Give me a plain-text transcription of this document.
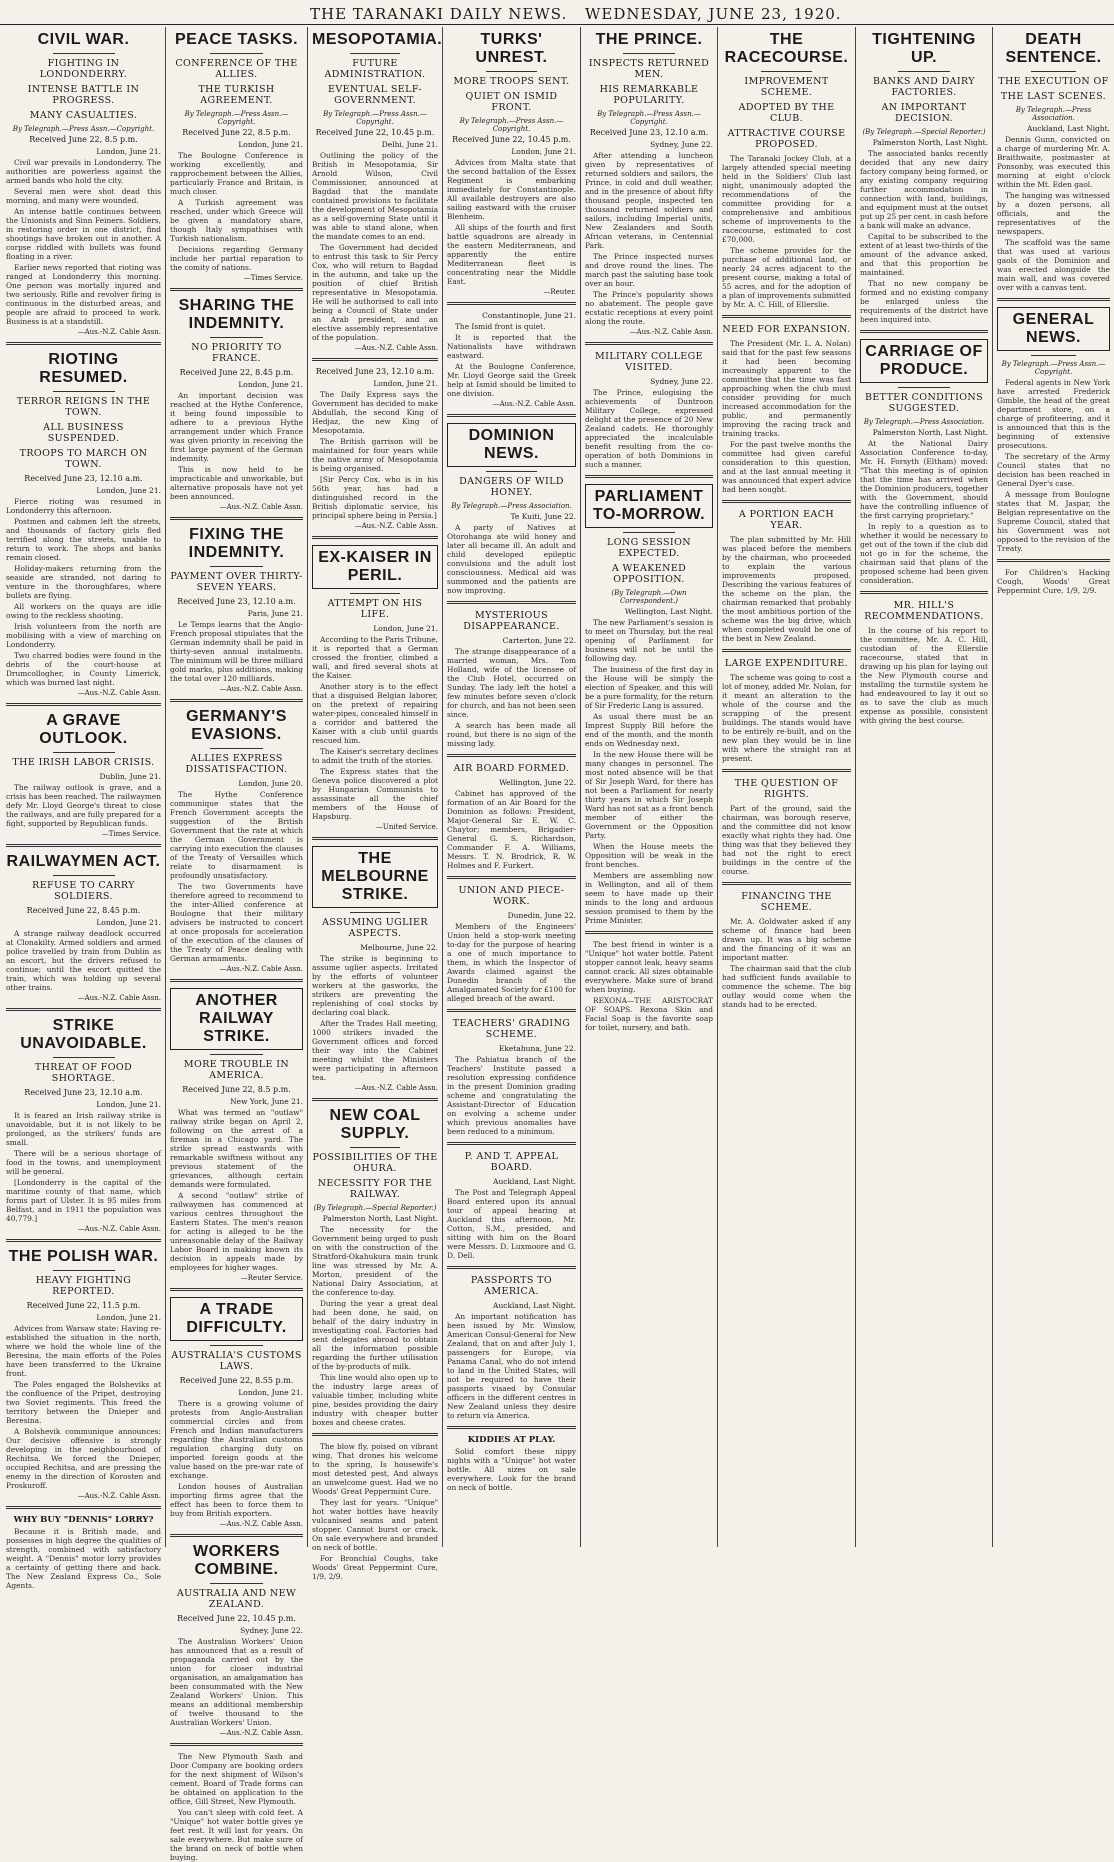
THE TARANAKI DAILY NEWS. WEDNESDAY, JUNE 23, 1920.
CIVIL WAR.
FIGHTING IN LONDONDERRY.
INTENSE BATTLE IN PROGRESS.
MANY CASUALTIES.
By Telegraph.—Press Assn.—Copyright.
Received June 22, 8.5 p.m.
London, June 21.

Civil war prevails in Londonderry. The authorities are powerless against the armed bands who hold the city.

Several men were shot dead this morning, and many were wounded.

An intense battle continues between the Unionists and Sinn Feiners. Soldiers, in restoring order in one district, find shootings have broken out in another. A corpse riddled with bullets was found floating in a river.

Earlier news reported that rioting was ranged at Londonderry this morning. One person was mortally injured and two seriously. Rifle and revolver firing is continuous in the disturbed areas, and people are afraid to proceed to work. Business is at a standstill.

—Aus.-N.Z. Cable Assn.
RIOTING RESUMED.
TERROR REIGNS IN THE TOWN.
ALL BUSINESS SUSPENDED.
TROOPS TO MARCH ON TOWN.
Received June 23, 12.10 a.m.
London, June 21.

Fierce rioting was resumed in Londonderry this afternoon.

Postmen and cabmen left the streets, and thousands of factory girls fled terrified along the streets, unable to return to work. The shops and banks remain closed.

Holiday-makers returning from the seaside are stranded, not daring to venture in the thoroughfares, where bullets are flying.

All workers on the quays are idle owing to the reckless shooting.

Irish volunteers from the north are mobilising with a view of marching on Londonderry.

Two charred bodies were found in the debris of the court-house at Drumcollogher, in County Limerick, which was burned last night.

—Aus.-N.Z. Cable Assn.
A GRAVE OUTLOOK.
THE IRISH LABOR CRISIS.
Dublin, June 21.

The railway outlook is grave, and a crisis has been reached. The railwaymen defy Mr. Lloyd George's threat to close the railways, and are fully prepared for a fight, supported by Republican funds.

—Times Service.
RAILWAYMEN ACT.
REFUSE TO CARRY SOLDIERS.
Received June 22, 8.45 p.m.
London, June 21.

A strange railway deadlock occurred at Clonakilty. Armed soldiers and armed police travelled by train from Dublin as an escort, but the drivers refused to continue; until the escort quitted the train, which was holding up several other trains.

—Aus.-N.Z. Cable Assn.
STRIKE UNAVOIDABLE.
THREAT OF FOOD SHORTAGE.
Received June 23, 12.10 a.m.
London, June 21.

It is feared an Irish railway strike is unavoidable, but it is not likely to be prolonged, as the strikers' funds are small.

There will be a serious shortage of food in the towns, and unemployment will be general.

[Londonderry is the capital of the maritime county of that name, which forms part of Ulster. It is 95 miles from Belfast, and in 1911 the population was 40,779.]

—Aus.-N.Z. Cable Assn.
THE POLISH WAR.
HEAVY FIGHTING REPORTED.
Received June 22, 11.5 p.m.
London, June 21.

Advices from Warsaw state: Having re-established the situation in the north, where we hold the whole line of the Beresina, the main efforts of the Poles have been transferred to the Ukraine front.

The Poles engaged the Bolsheviks at the confluence of the Pripet, destroying two Soviet regiments. This freed the territory between the Dnieper and Beresina.

A Bolshevik communique announces: Our decisive offensive is strongly developing in the neighbourhood of Rechitsa. We forced the Dnieper, occupied Rechitsa, and are pressing the enemy in the direction of Korosten and Proskuroff.

—Aus.-N.Z. Cable Assn.
WHY BUY "DENNIS" LORRY?

Because it is British made, and possesses in high degree the qualities of strength, combined with satisfactory weight. A "Dennis" motor lorry provides a certainty of getting there and back. The New Zealand Express Co., Sole Agents.

PEACE TASKS.
CONFERENCE OF THE ALLIES.
THE TURKISH AGREEMENT.
By Telegraph.—Press Assn.—Copyright.
Received June 22, 8.5 p.m.
London, June 21.

The Boulogne Conference is working excellently, and rapprochement between the Allies, particularly France and Britain, is much closer.

A Turkish agreement was reached, under which Greece will be given a mandatory share, though Italy sympathises with Turkish nationalism.

Decisions regarding Germany include her partial reparation to the comity of nations.

—Times Service.
SHARING THE INDEMNITY.
NO PRIORITY TO FRANCE.
Received June 22, 8.45 p.m.
London, June 21.

An important decision was reached at the Hythe Conference, it being found impossible to adhere to a previous Hythe arrangement under which France was given priority in receiving the first large payment of the German indemnity.

This is now held to be impracticable and unworkable, but alternative proposals have not yet been announced.

—Aus.-N.Z. Cable Assn.
FIXING THE INDEMNITY.
PAYMENT OVER THIRTY-SEVEN YEARS.
Received June 23, 12.10 a.m.
Paris, June 21.

Le Temps learns that the Anglo-French proposal stipulates that the German indemnity shall be paid in thirty-seven annual instalments. The minimum will be three milliard gold marks, plus additions, making the total over 120 milliards.

—Aus.-N.Z. Cable Assn.
GERMANY'S EVASIONS.
ALLIES EXPRESS DISSATISFACTION.
London, June 20.

The Hythe Conference communique states that the French Government accepts the suggestion of the British Government that the rate at which the German Government is carrying into execution the clauses of the Treaty of Versailles which relate to disarmament is profoundly unsatisfactory.

The two Governments have therefore agreed to recommend to the inter-Allied conference at Boulogne that their military advisers be instructed to concert at once proposals for acceleration of the execution of the clauses of the Treaty of Peace dealing with German armaments.

—Aus.-N.Z. Cable Assn.
ANOTHER RAILWAY STRIKE.
MORE TROUBLE IN AMERICA.
Received June 22, 8.5 p.m.
New York, June 21.

What was termed an "outlaw" railway strike began on April 2, following on the arrest of a fireman in a Chicago yard. The strike spread eastwards with remarkable swiftness without any previous statement of the grievances, although certain demands were formulated.

A second "outlaw" strike of railwaymen has commenced at various centres throughout the Eastern States. The men's reason for acting is alleged to be the unreasonable delay of the Railway Labor Board in making known its decision in appeals made by employees for higher wages.

—Reuter Service.
A TRADE DIFFICULTY.
AUSTRALIA'S CUSTOMS LAWS.
Received June 22, 8.55 p.m.
London, June 21.

There is a growing volume of protests from Anglo-Australian commercial circles and from French and Indian manufacturers regarding the Australian customs regulation charging duty on imported foreign goods at the value based on the pre-war rate of exchange.

London houses of Australian importing firms agree that the effect has been to force them to buy from British exporters.

—Aus.-N.Z. Cable Assn.
WORKERS COMBINE.
AUSTRALIA AND NEW ZEALAND.
Received June 22, 10.45 p.m.
Sydney, June 22.

The Australian Workers' Union has announced that as a result of propaganda carried out by the union for closer industrial organisation, an amalgamation has been consummated with the New Zealand Workers' Union. This means an additional membership of twelve thousand to the Australian Workers' Union.

—Aus.-N.Z. Cable Assn.

The New Plymouth Sash and Door Company are booking orders for the next shipment of Wilson's cement. Board of Trade forms can be obtained on application to the office, Gill Street, New Plymouth.

You can't sleep with cold feet. A "Unique" hot water bottle gives ye feet rest. It will last for years. On sale everywhere. But make sure of the brand on neck of bottle when buying.

MESOPOTAMIA.
FUTURE ADMINISTRATION.
EVENTUAL SELF-GOVERNMENT.
By Telegraph.—Press Assn.—Copyright.
Received June 22, 10.45 p.m.
Delhi, June 21.

Outlining the policy of the British in Mesopotamia, Sir Arnold Wilson, Civil Commissioner, announced at Bagdad that the mandate contained provisions to facilitate the development of Mesopotamia as a self-governing State until it was able to stand alone, when the mandate comes to an end.

The Government had decided to entrust this task to Sir Percy Cox, who will return to Bagdad in the autumn, and take up the position of chief British representative in Mesopotamia. He will be authorised to call into being a Council of State under an Arab president, and an elective assembly representative of the population.

—Aus.-N.Z. Cable Assn.
Received June 23, 12.10 a.m.
London, June 21.

The Daily Express says the Government has decided to make Abdullah, the second King of Hedjaz, the new King of Mesopotamia.

The British garrison will be maintained for four years while the native army of Mesopotamia is being organised.

[Sir Percy Cox, who is in his 56th year, has had a distinguished record in the British diplomatic service, his principal sphere being in Persia.]

—Aus.-N.Z. Cable Assn.
EX-KAISER IN PERIL.
ATTEMPT ON HIS LIFE.
London, June 21.

According to the Paris Tribune, it is reported that a German crossed the frontier, climbed a wall, and fired several shots at the Kaiser.

Another story is to the effect that a disguised Belgian laborer, on the pretext of repairing water-pipes, concealed himself in a corridor and battered the Kaiser with a club until guards rescued him.

The Kaiser's secretary declines to admit the truth of the stories.

The Express states that the Geneva police discovered a plot by Hungarian Communists to assassinate all the chief members of the House of Hapsburg.

—United Service.
THE MELBOURNE STRIKE.
ASSUMING UGLIER ASPECTS.
Melbourne, June 22.

The strike is beginning to assume uglier aspects. Irritated by the efforts of volunteer workers at the gasworks, the strikers are preventing the replenishing of coal stocks by declaring coal black.

After the Trades Hall meeting, 1000 strikers invaded the Government offices and forced their way into the Cabinet meeting whilst the Ministers were participating in afternoon tea.

—Aus.-N.Z. Cable Assn.
NEW COAL SUPPLY.
POSSIBILITIES OF THE OHURA.
NECESSITY FOR THE RAILWAY.
(By Telegraph.—Special Reporter.)
Palmerston North, Last Night.

The necessity for the Government being urged to push on with the construction of the Stratford-Okahukura main trunk line was stressed by Mr. A. Morton, president of the National Dairy Association, at the conference to-day.

During the year a great deal had been done, he said, on behalf of the dairy industry in investigating coal. Factories had sent delegates abroad to obtain all the information possible regarding the further utilisation of the by-products of milk.

This line would also open up to the industry large areas of valuable timber, including white pine, besides providing the dairy industry with cheaper butter boxes and cheese crates.

The blow fly, poised on vibrant wing, That drones his welcome to the spring, Is housewife's most detested pest, And always an unwelcome guest. Had we no Woods' Great Peppermint Cure.

They last for years. "Unique" hot water bottles have heavily vulcanised seams and patent stopper. Cannot burst or crack. On sale everywhere and branded on neck of bottle.

For Bronchial Coughs, take Woods' Great Peppermint Cure, 1/9, 2/9.

TURKS' UNREST.
MORE TROOPS SENT.
QUIET ON ISMID FRONT.
By Telegraph.—Press Assn.—Copyright.
Received June 22, 10.45 p.m.
London, June 21.

Advices from Malta state that the second battalion of the Essex Regiment is embarking immediately for Constantinople. All available destroyers are also sailing eastward with the cruiser Blenheim.

All ships of the fourth and first battle squadrons are already in the eastern Mediterranean, and apparently the entire Mediterranean fleet is concentrating near the Middle East.

—Reuter.
Constantinople, June 21.

The Ismid front is quiet.

It is reported that the Nationalists have withdrawn eastward.

At the Boulogne Conference, Mr. Lloyd George said the Greek help at Ismid should be limited to one division.

—Aus.-N.Z. Cable Assn.
DOMINION NEWS.
DANGERS OF WILD HONEY.
By Telegraph.—Press Association.
Te Kuiti, June 22.

A party of Natives at Otorohanga ate wild honey and later all became ill. An adult and child developed epileptic convulsions and the adult lost consciousness. Medical aid was summoned and the patients are now improving.

MYSTERIOUS DISAPPEARANCE.
Carterton, June 22.

The strange disappearance of a married woman, Mrs. Tom Holland, wife of the licensee of the Club Hotel, occurred on Sunday. The lady left the hotel a few minutes before seven o'clock for church, and has not been seen since.

A search has been made all round, but there is no sign of the missing lady.

AIR BOARD FORMED.
Wellington, June 22.

Cabinet has approved of the formation of an Air Board for the Dominion as follows: President, Major-General Sir E. W. C. Chaytor; members, Brigadier-General G. S. Richardson, Commander F. A. Williams, Messrs. T. N. Brodrick, R. W. Holmes and F. Furkert.

UNION AND PIECE-WORK.
Dunedin, June 22.

Members of the Engineers' Union held a stop-work meeting to-day for the purpose of hearing a one of much importance to them, in which the Inspector of Awards claimed against the Dunedin branch of the Amalgamated Society for £100 for alleged breach of the award.

TEACHERS' GRADING SCHEME.
Eketahuna, June 22.

The Pahiatua branch of the Teachers' Institute passed a resolution expressing confidence in the present Dominion grading scheme and congratulating the Assistant-Director of Education on evolving a scheme under which previous anomalies have been reduced to a minimum.

P. AND T. APPEAL BOARD.
Auckland, Last Night.

The Post and Telegraph Appeal Board entered upon its annual tour of appeal hearing at Auckland this afternoon. Mr. Cotton, S.M., presided, and sitting with him on the Board were Messrs. D. Luxmoore and G. D. Dell.

PASSPORTS TO AMERICA.
Auckland, Last Night.

An important notification has been issued by Mr. Winslow, American Consul-General for New Zealand, that on and after July 1, passengers for Europe, via Panama Canal, who do not intend to land in the United States, will not be required to have their passports visaed by Consular officers in the different centres in New Zealand unless they desire to return via America.

KIDDIES AT PLAY.

Solid comfort these nippy nights with a "Unique" hot water bottle. All sizes on sale everywhere. Look for the brand on neck of bottle.

THE PRINCE.
INSPECTS RETURNED MEN.
HIS REMARKABLE POPULARITY.
By Telegraph.—Press Assn.—Copyright.
Received June 23, 12.10 a.m.
Sydney, June 22.

After attending a luncheon given by representatives of returned soldiers and sailors, the Prince, in cold and dull weather, and in the presence of about fifty thousand people, inspected ten thousand returned soldiers and sailors, including Imperial units, New Zealanders and South African veterans, in Centennial Park.

The Prince inspected nurses and drove round the lines. The march past the saluting base took over an hour.

The Prince's popularity shows no abatement. The people gave ecstatic receptions at every point along the route.

—Aus.-N.Z. Cable Assn.
MILITARY COLLEGE VISITED.
Sydney, June 22.

The Prince, eulogising the achievements of Duntroon Military College, expressed delight at the presence of 20 New Zealand cadets. He thoroughly appreciated the incalculable benefit resulting from the co-operation of both Dominions in such a manner.

PARLIAMENT TO-MORROW.
LONG SESSION EXPECTED.
A WEAKENED OPPOSITION.
(By Telegraph.—Own Correspondent.)
Wellington, Last Night.

The new Parliament's session is to meet on Thursday, but the real opening of Parliament for business will not be until the following day.

The business of the first day in the House will be simply the election of Speaker, and this will be a pure formality, for the return of Sir Frederic Lang is assured.

As usual there must be an Imprest Supply Bill before the end of the month, and the month ends on Wednesday next.

In the new House there will be many changes in personnel. The most noted absence will be that of Sir Joseph Ward, for there has not been a Parliament for nearly thirty years in which Sir Joseph Ward has not sat as a front bench member of either the Government or the Opposition Party.

When the House meets the Opposition will be weak in the front benches.

Members are assembling now in Wellington, and all of them seem to have made up their minds to the long and arduous session promised to them by the Prime Minister.

The best friend in winter is a "Unique" hot water bottle. Patent stopper cannot leak, heavy seams cannot crack. All sizes obtainable everywhere. Make sure of brand when buying.

REXONA—THE ARISTOCRAT OF SOAPS. Rexona Skin and Facial Soap is the favorite soap for toilet, nursery, and bath.

THE RACECOURSE.
IMPROVEMENT SCHEME.
ADOPTED BY THE CLUB.
ATTRACTIVE COURSE PROPOSED.

The Taranaki Jockey Club, at a largely attended special meeting held in the Soldiers' Club last night, unanimously adopted the recommendations of the committee providing for a comprehensive and ambitious scheme of improvements to the racecourse, estimated to cost £70,000.

The scheme provides for the purchase of additional land, or nearly 24 acres adjacent to the present course, making a total of 55 acres, and for the adoption of a plan of improvements submitted by Mr. A. C. Hill, of Ellerslie.

NEED FOR EXPANSION.

The President (Mr. L. A. Nolan) said that for the past few seasons it had been becoming increasingly apparent to the committee that the time was fast approaching when the club must consider providing for much increased accommodation for the public, and permanently improving the racing track and training tracks.

For the past twelve months the committee had given careful consideration to this question, and at the last annual meeting it was announced that expert advice had been sought.

A PORTION EACH YEAR.

The plan submitted by Mr. Hill was placed before the members by the chairman, who proceeded to explain the various improvements proposed. Describing the various features of the scheme on the plan, the chairman remarked that probably the most ambitious portion of the scheme was the big drive, which when completed would be one of the best in New Zealand.

LARGE EXPENDITURE.

The scheme was going to cost a lot of money, added Mr. Nolan, for it meant an alteration to the whole of the course and the scrapping of the present buildings. The stands would have to be entirely re-built, and on the new plan they would be in line with where the straight ran at present.

THE QUESTION OF RIGHTS.

Part of the ground, said the chairman, was borough reserve, and the committee did not know exactly what rights they had. One thing was that they believed they had not the right to erect buildings in the centre of the course.

FINANCING THE SCHEME.

Mr. A. Goldwater asked if any scheme of finance had been drawn up. It was a big scheme and the financing of it was an important matter.

The chairman said that the club had sufficient funds available to commence the scheme. The big outlay would come when the stands had to be erected.

TIGHTENING UP.
BANKS AND DAIRY FACTORIES.
AN IMPORTANT DECISION.
(By Telegraph.—Special Reporter.)
Palmerston North, Last Night.

The associated banks recently decided that any new dairy factory company being formed, or any existing company requiring further accommodation in connection with land, buildings, and equipment must at the outset put up 25 per cent. in cash before a bank will make an advance.

Capital to be subscribed to the extent of at least two-thirds of the amount of the advance asked, and that this proportion be maintained.

That no new company be formed and no existing company be enlarged unless the requirements of the district have been inquired into.

CARRIAGE OF PRODUCE.
BETTER CONDITIONS SUGGESTED.
By Telegraph.—Press Association.
Palmerston North, Last Night.

At the National Dairy Association Conference to-day, Mr. H. Forsyth (Eltham) moved: "That this meeting is of opinion that the time has arrived when the Dominion producers, together with the Government, should have the controlling influence of the first carrying proprietary."

In reply to a question as to whether it would be necessary to get out of the town if the club did not go in for the scheme, the chairman said that plans of the proposed scheme had been given consideration.

MR. HILL'S RECOMMENDATIONS.

In the course of his report to the committee, Mr. A. C. Hill, custodian of the Ellerslie racecourse, stated that in drawing up his plan for laying out the New Plymouth course and installing the turnstile system he had endeavoured to lay it out so as to save the club as much expense as possible, consistent with giving the best course.

DEATH SENTENCE.
THE EXECUTION OF
THE LAST SCENES.
By Telegraph.—Press Association.
Auckland, Last Night.

Dennis Gunn, convicted on a charge of murdering Mr. A. Braithwaite, postmaster at Ponsonby, was executed this morning at eight o'clock within the Mt. Eden gaol.

The hanging was witnessed by a dozen persons, all officials, and the representatives of the newspapers.

The scaffold was the same that was used at various gaols of the Dominion and was erected alongside the main wall, and was covered over with a canvas tent.

GENERAL NEWS.
By Telegraph.—Press Assn.—Copyright.

Federal agents in New York have arrested Frederick Gimble, the head of the great department store, on a charge of profiteering, and it is announced that this is the beginning of extensive prosecutions.

The secretary of the Army Council states that no decision has been reached in General Dyer's case.

A message from Boulogne states that M. Jaspar, the Belgian representative on the Supreme Council, stated that his Government was not opposed to the revision of the Treaty.

For Children's Hacking Cough, Woods' Great Peppermint Cure, 1/9, 2/9.
